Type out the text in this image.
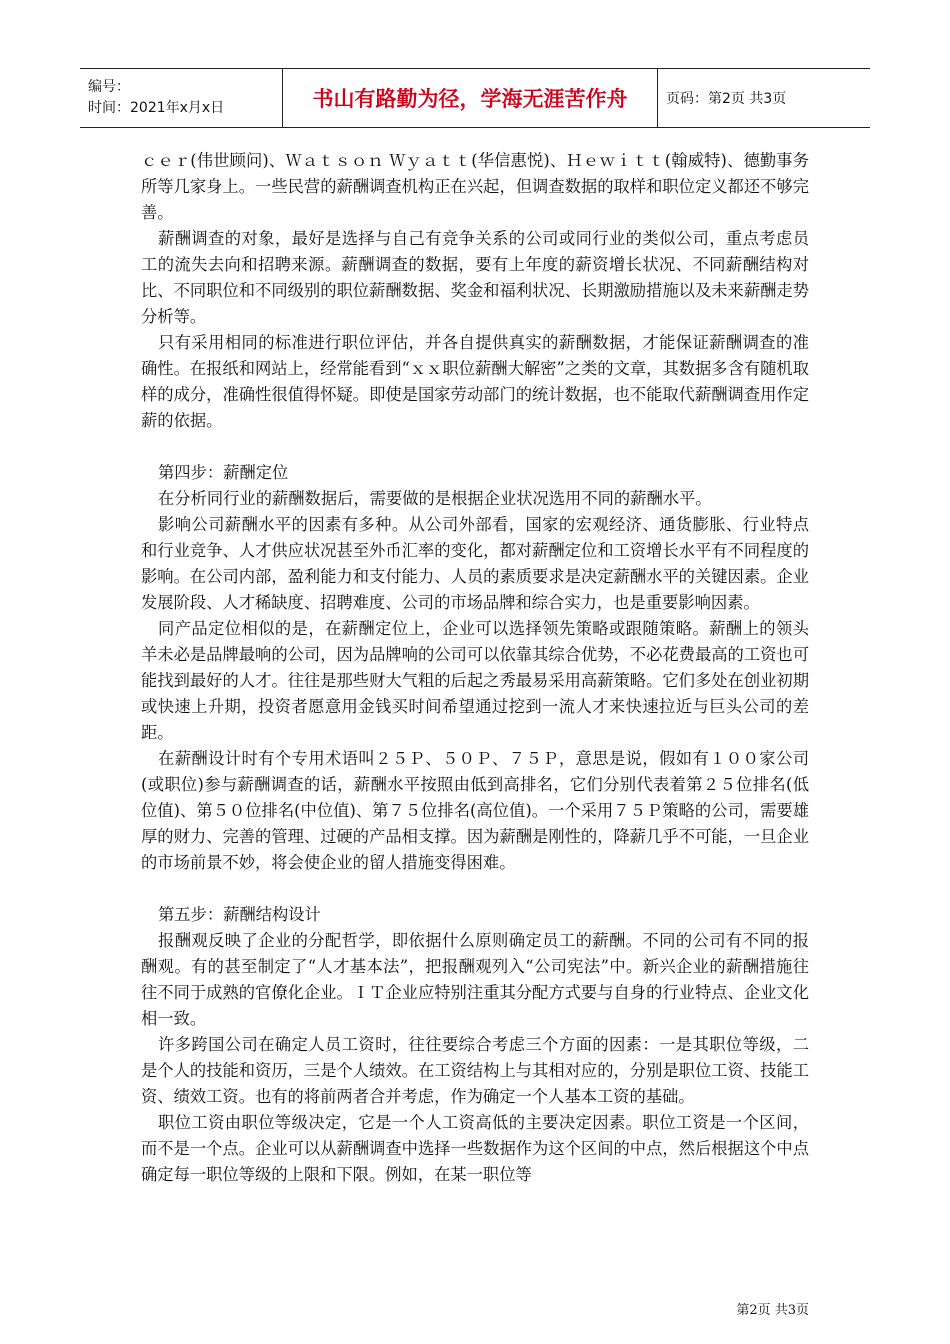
编号：
时间：2021年x月x日	书山有路勤为径，学海无涯苦作舟	页码：第2页 共3页

ｃｅｒ(伟世顾问)、Ｗａｔｓｏｎ Ｗｙａｔｔ(华信惠悦)、Ｈｅｗｉｔｔ(翰威特)、德勤事务所等几家身上。一些民营的薪酬调查机构正在兴起，但调查数据的取样和职位定义都还不够完善。

薪酬调查的对象，最好是选择与自己有竞争关系的公司或同行业的类似公司，重点考虑员工的流失去向和招聘来源。薪酬调查的数据，要有上年度的薪资增长状况、不同薪酬结构对比、不同职位和不同级别的职位薪酬数据、奖金和福利状况、长期激励措施以及未来薪酬走势分析等。

只有采用相同的标准进行职位评估，并各自提供真实的薪酬数据，才能保证薪酬调查的准确性。在报纸和网站上，经常能看到“ｘｘ职位薪酬大解密”之类的文章，其数据多含有随机取样的成分，准确性很值得怀疑。即使是国家劳动部门的统计数据，也不能取代薪酬调查用作定薪的依据。

第四步：薪酬定位

在分析同行业的薪酬数据后，需要做的是根据企业状况选用不同的薪酬水平。

影响公司薪酬水平的因素有多种。从公司外部看，国家的宏观经济、通货膨胀、行业特点和行业竞争、人才供应状况甚至外币汇率的变化，都对薪酬定位和工资增长水平有不同程度的影响。在公司内部，盈利能力和支付能力、人员的素质要求是决定薪酬水平的关键因素。企业发展阶段、人才稀缺度、招聘难度、公司的市场品牌和综合实力，也是重要影响因素。

同产品定位相似的是，在薪酬定位上，企业可以选择领先策略或跟随策略。薪酬上的领头羊未必是品牌最响的公司，因为品牌响的公司可以依靠其综合优势，不必花费最高的工资也可能找到最好的人才。往往是那些财大气粗的后起之秀最易采用高薪策略。它们多处在创业初期或快速上升期，投资者愿意用金钱买时间希望通过挖到一流人才来快速拉近与巨头公司的差距。

在薪酬设计时有个专用术语叫２５Ｐ、５０Ｐ、７５Ｐ，意思是说，假如有１００家公司(或职位)参与薪酬调查的话，薪酬水平按照由低到高排名，它们分别代表着第２５位排名(低位值)、第５０位排名(中位值)、第７５位排名(高位值)。一个采用７５Ｐ策略的公司，需要雄厚的财力、完善的管理、过硬的产品相支撑。因为薪酬是刚性的，降薪几乎不可能，一旦企业的市场前景不妙，将会使企业的留人措施变得困难。

第五步：薪酬结构设计

报酬观反映了企业的分配哲学，即依据什么原则确定员工的薪酬。不同的公司有不同的报酬观。有的甚至制定了“人才基本法”，把报酬观列入“公司宪法”中。新兴企业的薪酬措施往往不同于成熟的官僚化企业。ＩＴ企业应特别注重其分配方式要与自身的行业特点、企业文化相一致。

许多跨国公司在确定人员工资时，往往要综合考虑三个方面的因素：一是其职位等级，二是个人的技能和资历，三是个人绩效。在工资结构上与其相对应的，分别是职位工资、技能工资、绩效工资。也有的将前两者合并考虑，作为确定一个人基本工资的基础。

职位工资由职位等级决定，它是一个人工资高低的主要决定因素。职位工资是一个区间，而不是一个点。企业可以从薪酬调查中选择一些数据作为这个区间的中点，然后根据这个中点确定每一职位等级的上限和下限。例如，在某一职位等

第2页 共3页
